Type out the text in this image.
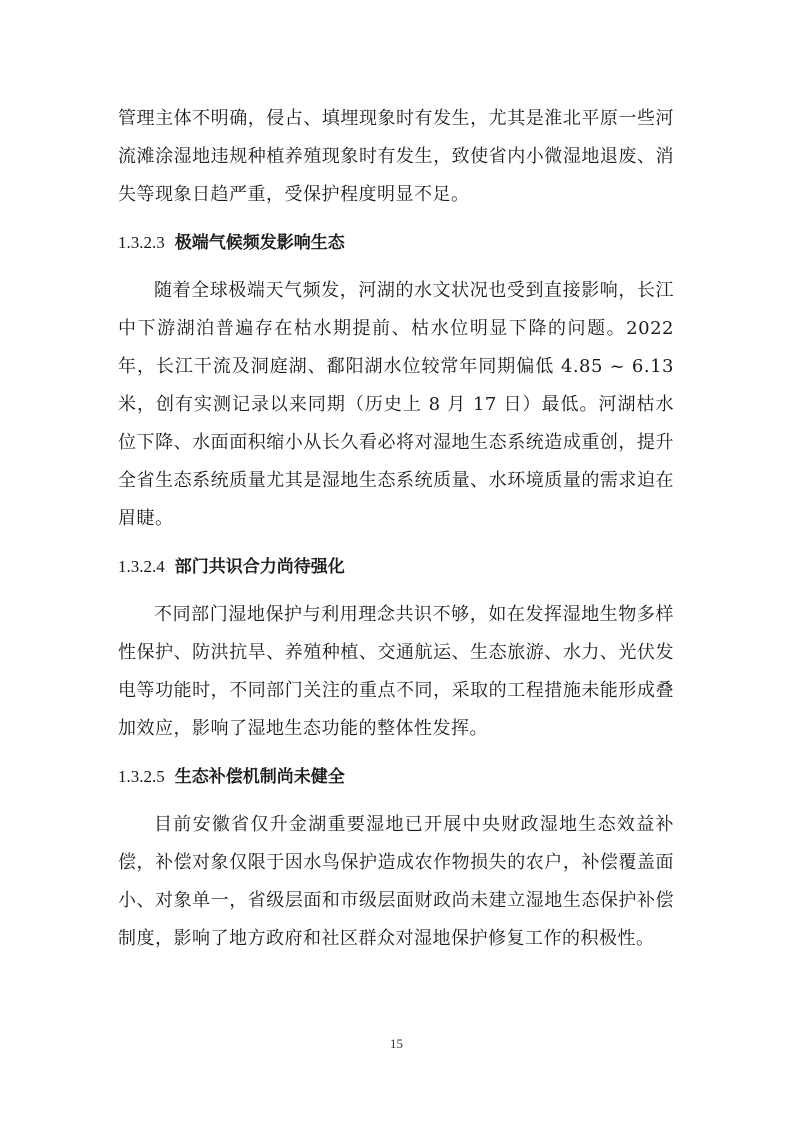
管理主体不明确，侵占、填埋现象时有发生，尤其是淮北平原一些河流滩涂湿地违规种植养殖现象时有发生，致使省内小微湿地退废、消失等现象日趋严重，受保护程度明显不足。

1.3.2.3 极端气候频发影响生态

随着全球极端天气频发，河湖的水文状况也受到直接影响，长江中下游湖泊普遍存在枯水期提前、枯水位明显下降的问题。2022 年，长江干流及洞庭湖、鄱阳湖水位较常年同期偏低 4.85 ~ 6.13 米，创有实测记录以来同期（历史上 8 月 17 日）最低。河湖枯水位下降、水面面积缩小从长久看必将对湿地生态系统造成重创，提升全省生态系统质量尤其是湿地生态系统质量、水环境质量的需求迫在眉睫。

1.3.2.4 部门共识合力尚待强化

不同部门湿地保护与利用理念共识不够，如在发挥湿地生物多样性保护、防洪抗旱、养殖种植、交通航运、生态旅游、水力、光伏发电等功能时，不同部门关注的重点不同，采取的工程措施未能形成叠加效应，影响了湿地生态功能的整体性发挥。

1.3.2.5 生态补偿机制尚未健全

目前安徽省仅升金湖重要湿地已开展中央财政湿地生态效益补偿，补偿对象仅限于因水鸟保护造成农作物损失的农户，补偿覆盖面小、对象单一，省级层面和市级层面财政尚未建立湿地生态保护补偿制度，影响了地方政府和社区群众对湿地保护修复工作的积极性。

15
